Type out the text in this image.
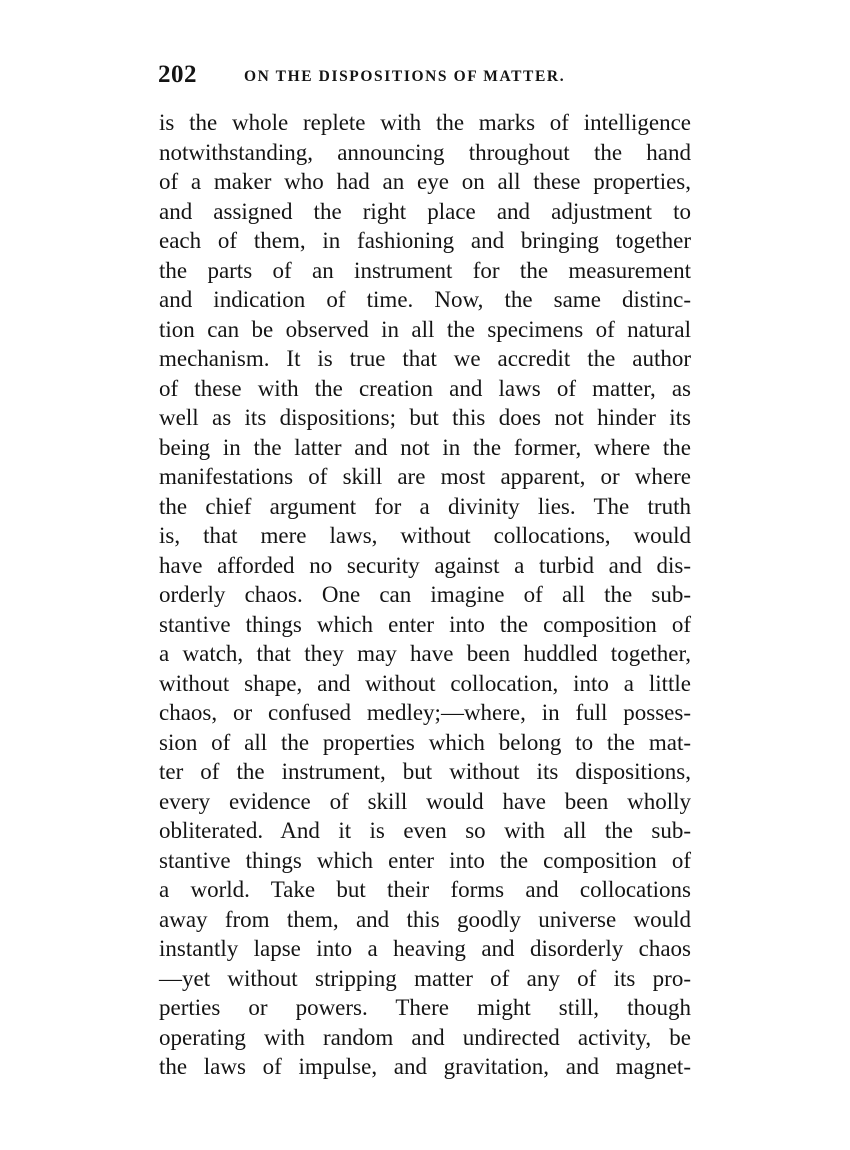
202	ON THE DISPOSITIONS OF MATTER.
is the whole replete with the marks of intelligence
notwithstanding, announcing throughout the hand
of a maker who had an eye on all these properties,
and assigned the right place and adjustment to
each of them, in fashioning and bringing together
the parts of an instrument for the measurement
and indication of time. Now, the same distinc-
tion can be observed in all the specimens of natural
mechanism. It is true that we accredit the author
of these with the creation and laws of matter, as
well as its dispositions; but this does not hinder its
being in the latter and not in the former, where the
manifestations of skill are most apparent, or where
the chief argument for a divinity lies. The truth
is, that mere laws, without collocations, would
have afforded no security against a turbid and dis-
orderly chaos. One can imagine of all the sub-
stantive things which enter into the composition of
a watch, that they may have been huddled together,
without shape, and without collocation, into a little
chaos, or confused medley;—where, in full posses-
sion of all the properties which belong to the mat-
ter of the instrument, but without its dispositions,
every evidence of skill would have been wholly
obliterated. And it is even so with all the sub-
stantive things which enter into the composition of
a world. Take but their forms and collocations
away from them, and this goodly universe would
instantly lapse into a heaving and disorderly chaos
—yet without stripping matter of any of its pro-
perties or powers. There might still, though
operating with random and undirected activity, be
the laws of impulse, and gravitation, and magnet-
